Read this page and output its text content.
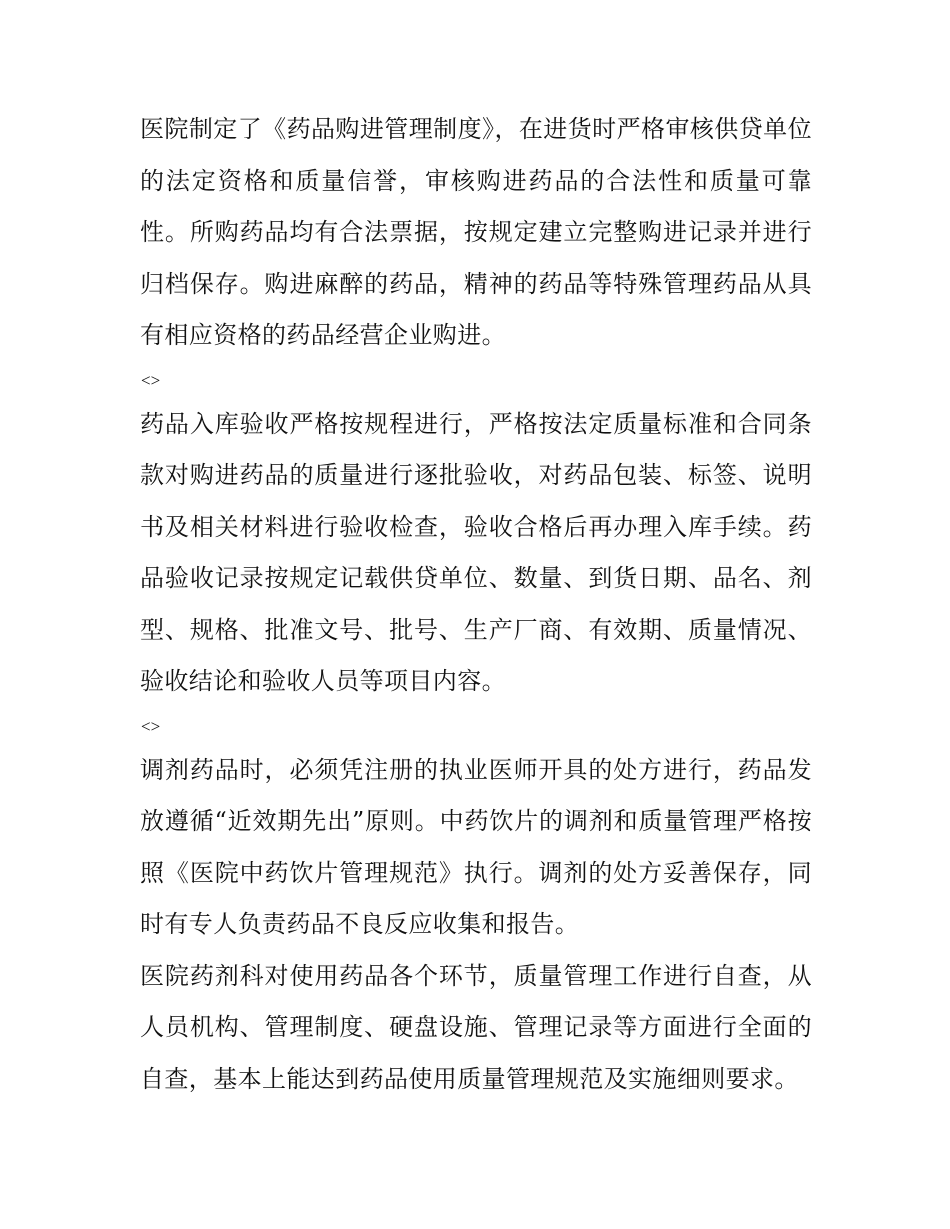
医院制定了《药品购进管理制度》，在进货时严格审核供贷单位的法定资格和质量信誉，审核购进药品的合法性和质量可靠性。所购药品均有合法票据，按规定建立完整购进记录并进行归档保存。购进麻醉的药品，精神的药品等特殊管理药品从具有相应资格的药品经营企业购进。

<>

药品入库验收严格按规程进行，严格按法定质量标准和合同条款对购进药品的质量进行逐批验收，对药品包装、标签、说明书及相关材料进行验收检查，验收合格后再办理入库手续。药品验收记录按规定记载供贷单位、数量、到货日期、品名、剂型、规格、批准文号、批号、生产厂商、有效期、质量情况、验收结论和验收人员等项目内容。

<>

调剂药品时，必须凭注册的执业医师开具的处方进行，药品发放遵循“近效期先出”原则。中药饮片的调剂和质量管理严格按照《医院中药饮片管理规范》执行。调剂的处方妥善保存，同时有专人负责药品不良反应收集和报告。

医院药剂科对使用药品各个环节，质量管理工作进行自查，从人员机构、管理制度、硬盘设施、管理记录等方面进行全面的自查，基本上能达到药品使用质量管理规范及实施细则要求。
